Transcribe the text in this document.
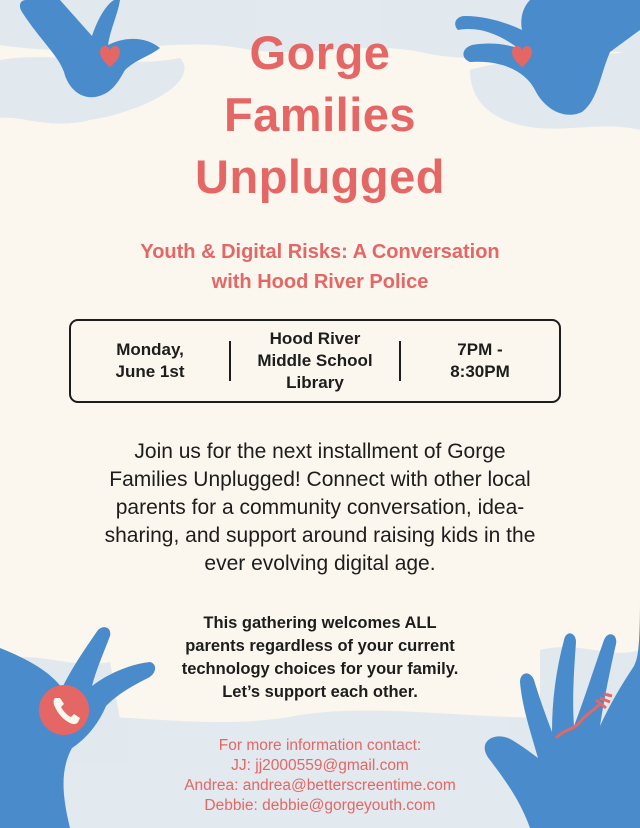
Gorge
Families
Unplugged
Youth & Digital Risks: A Conversation
with Hood River Police
Monday,
June 1st
Hood River
Middle School
Library
7PM -
8:30PM
Join us for the next installment of Gorge
Families Unplugged! Connect with other local
parents for a community conversation, idea-
sharing, and support around raising kids in the
ever evolving digital age.
This gathering welcomes ALL
parents regardless of your current
technology choices for your family.
Let’s support each other.
For more information contact:
JJ: jj2000559@gmail.com
Andrea: andrea@betterscreentime.com
Debbie: debbie@gorgeyouth.com
